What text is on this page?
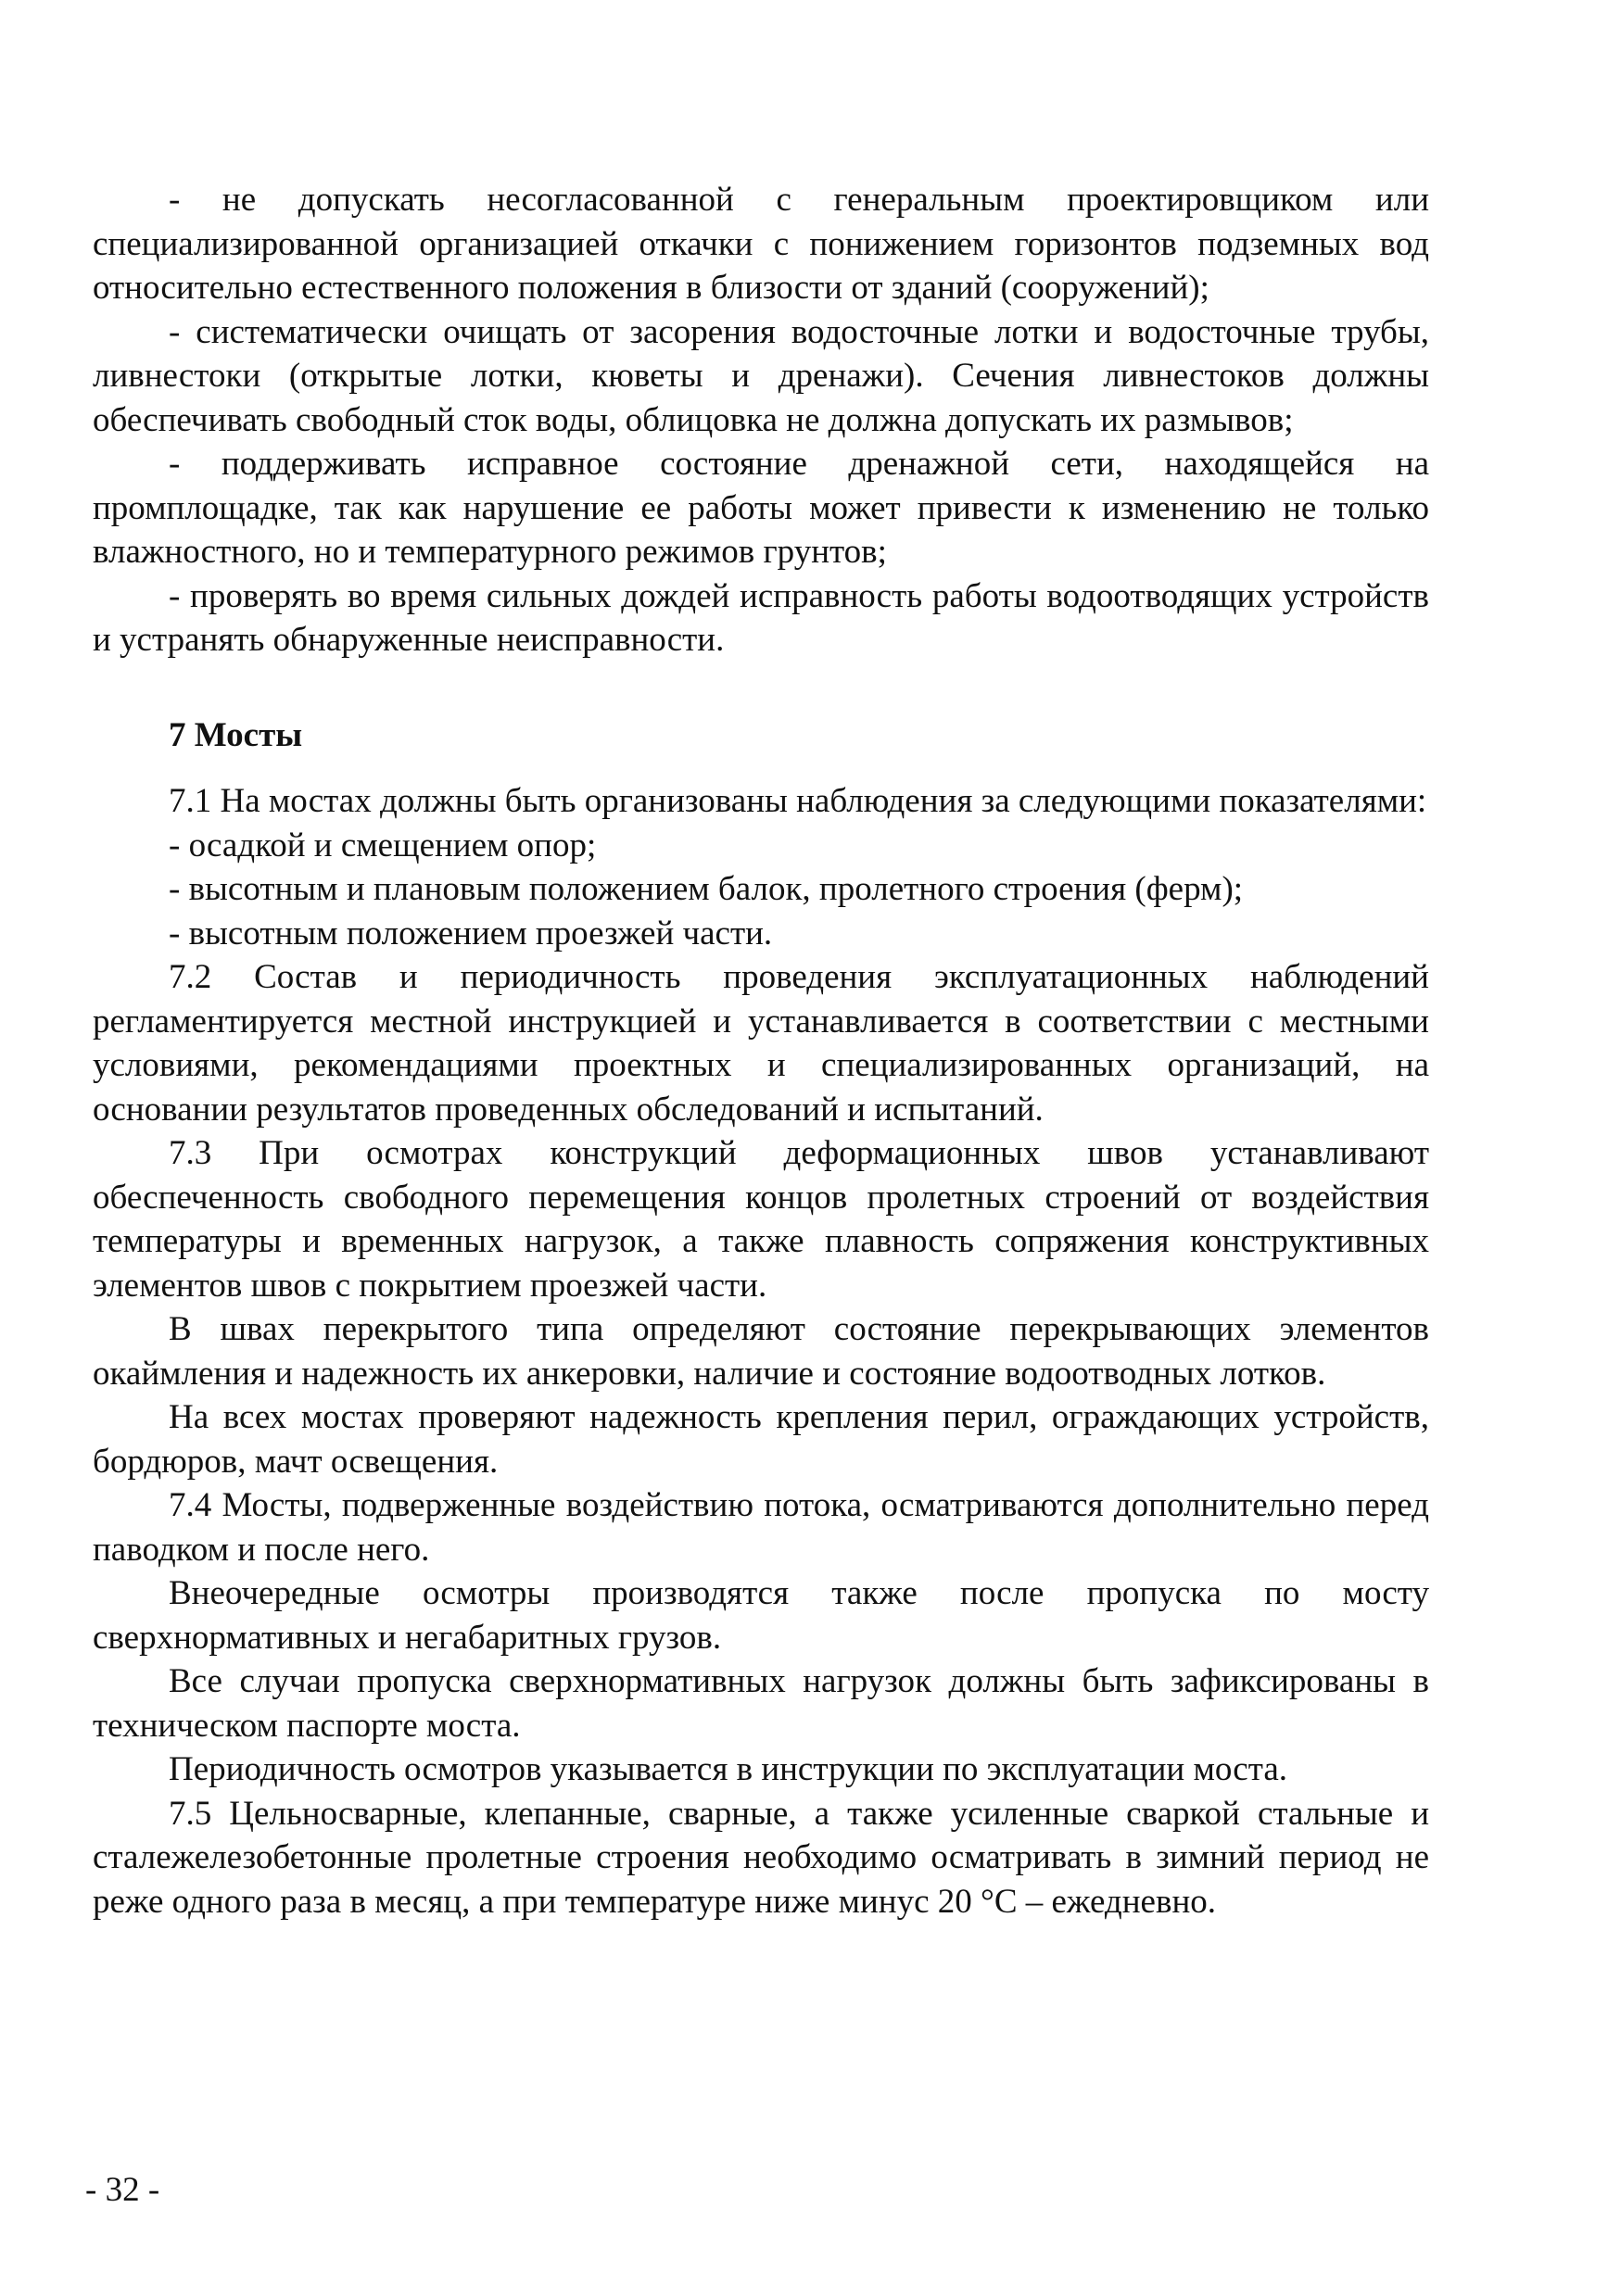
- не допускать несогласованной с генеральным проектировщиком или специализированной организацией откачки с понижением горизонтов подземных вод относительно естественного положения в близости от зданий (сооружений);

- систематически очищать от засорения водосточные лотки и водосточные трубы, ливнестоки (открытые лотки, кюветы и дренажи). Сечения ливнестоков должны обеспечивать свободный сток воды, облицовка не должна допускать их размывов;

- поддерживать исправное состояние дренажной сети, находящейся на промплощадке, так как нарушение ее работы может привести к изменению не только влажностного, но и температурного режимов грунтов;

- проверять во время сильных дождей исправность работы водоотводящих устройств и устранять обнаруженные неисправности.

7 Мосты

7.1 На мостах должны быть организованы наблюдения за следующими показателями:

- осадкой и смещением опор;

- высотным и плановым положением балок, пролетного строения (ферм);

- высотным положением проезжей части.

7.2 Состав и периодичность проведения эксплуатационных наблюдений регламентируется местной инструкцией и устанавливается в соответствии с местными условиями, рекомендациями проектных и специализированных организаций, на основании результатов проведенных обследований и испытаний.

7.3 При осмотрах конструкций деформационных швов устанавливают обеспеченность свободного перемещения концов пролетных строений от воздействия температуры и временных нагрузок, а также плавность сопряжения конструктивных элементов швов с покрытием проезжей части.

В швах перекрытого типа определяют состояние перекрывающих элементов окаймления и надежность их анкеровки, наличие и состояние водоотводных лотков.

На всех мостах проверяют надежность крепления перил, ограждающих устройств, бордюров, мачт освещения.

7.4 Мосты, подверженные воздействию потока, осматриваются дополнительно перед паводком и после него.

Внеочередные осмотры производятся также после пропуска по мосту сверхнормативных и негабаритных грузов.

Все случаи пропуска сверхнормативных нагрузок должны быть зафиксированы в техническом паспорте моста.

Периодичность осмотров указывается в инструкции по эксплуатации моста.

7.5 Цельносварные, клепанные, сварные, а также усиленные сваркой стальные и сталежелезобетонные пролетные строения необходимо осматривать в зимний период не реже одного раза в месяц, а при температуре ниже минус 20 °С – ежедневно.

- 32 -
